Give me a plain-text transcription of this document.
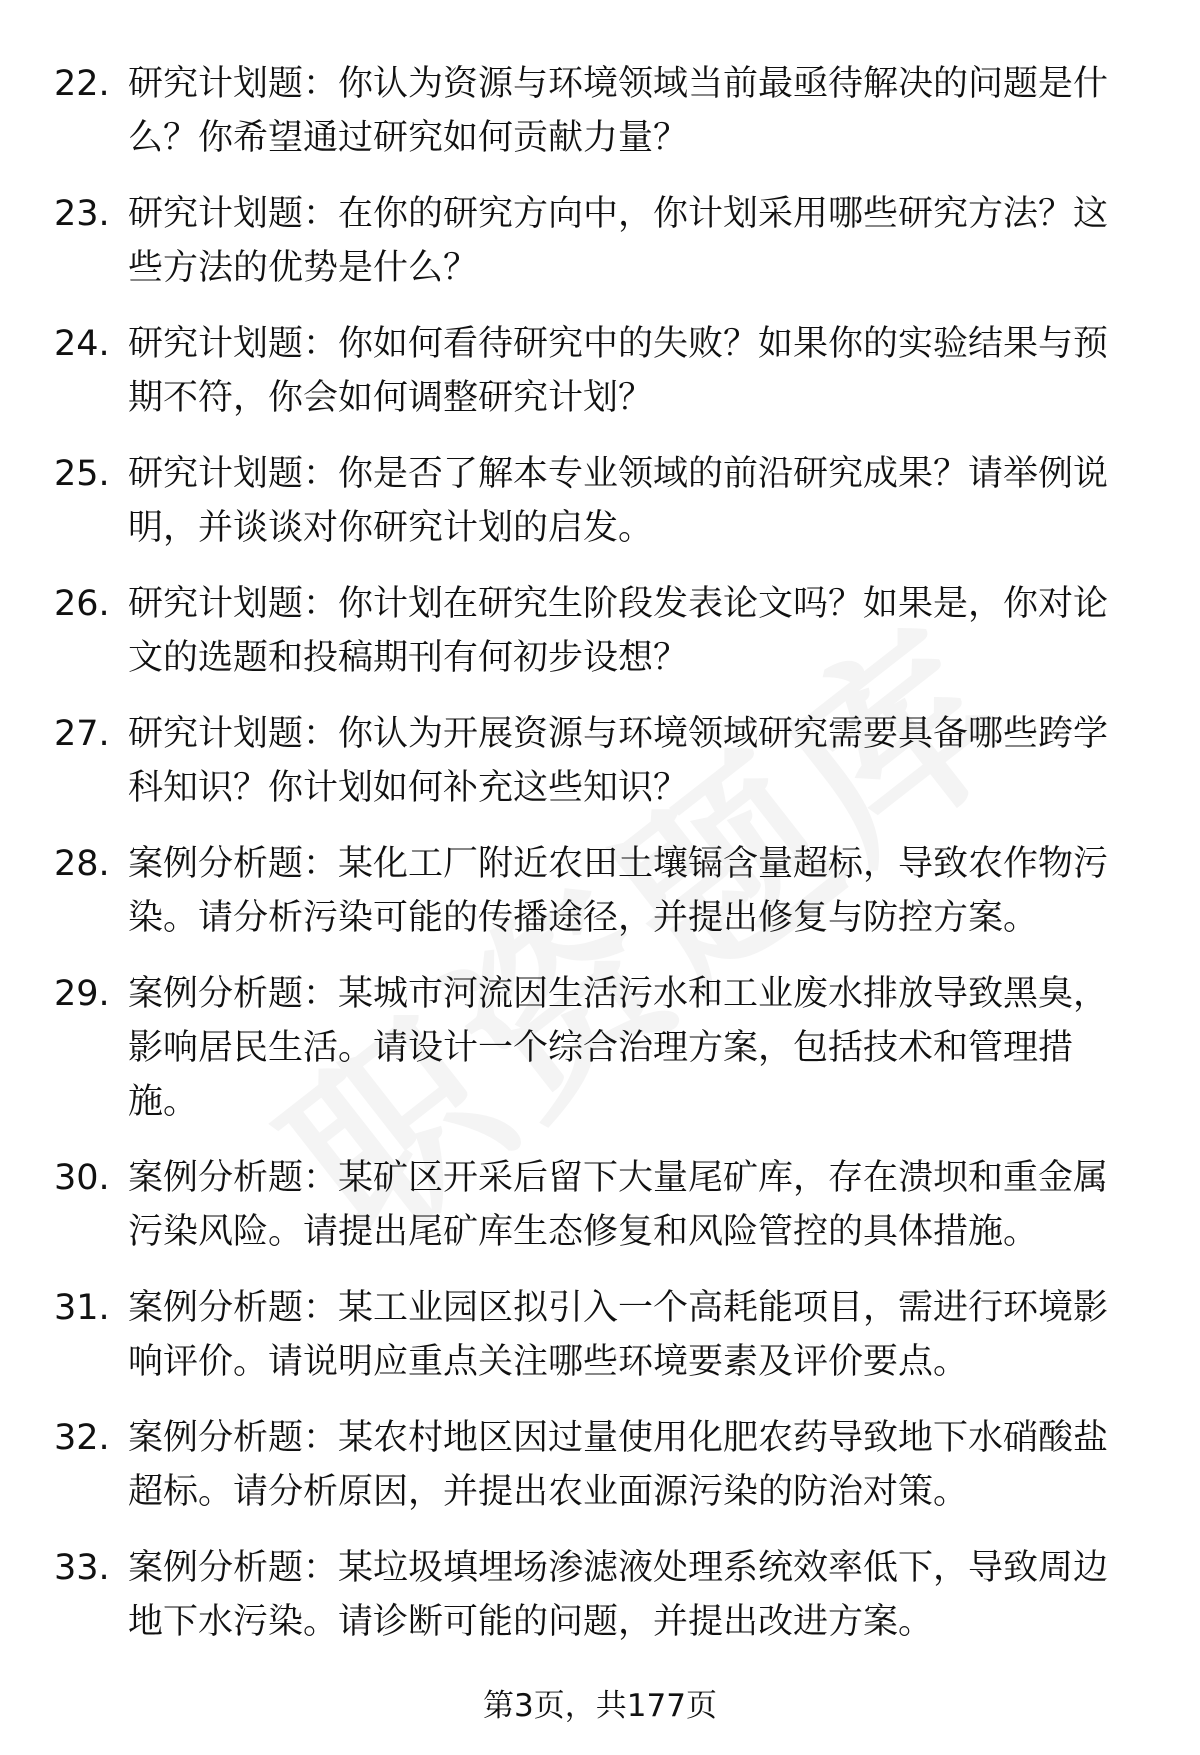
22. 研究计划题：你认为资源与环境领域当前最亟待解决的问题是什么？你希望通过研究如何贡献力量？
23. 研究计划题：在你的研究方向中，你计划采用哪些研究方法？这些方法的优势是什么？
24. 研究计划题：你如何看待研究中的失败？如果你的实验结果与预期不符，你会如何调整研究计划？
25. 研究计划题：你是否了解本专业领域的前沿研究成果？请举例说明，并谈谈对你研究计划的启发。
26. 研究计划题：你计划在研究生阶段发表论文吗？如果是，你对论文的选题和投稿期刊有何初步设想？
27. 研究计划题：你认为开展资源与环境领域研究需要具备哪些跨学科知识？你计划如何补充这些知识？
28. 案例分析题：某化工厂附近农田土壤镉含量超标，导致农作物污染。请分析污染可能的传播途径，并提出修复与防控方案。
29. 案例分析题：某城市河流因生活污水和工业废水排放导致黑臭，影响居民生活。请设计一个综合治理方案，包括技术和管理措施。
30. 案例分析题：某矿区开采后留下大量尾矿库，存在溃坝和重金属污染风险。请提出尾矿库生态修复和风险管控的具体措施。
31. 案例分析题：某工业园区拟引入一个高耗能项目，需进行环境影响评价。请说明应重点关注哪些环境要素及评价要点。
32. 案例分析题：某农村地区因过量使用化肥农药导致地下水硝酸盐超标。请分析原因，并提出农业面源污染的防治对策。
33. 案例分析题：某垃圾填埋场渗滤液处理系统效率低下，导致周边地下水污染。请诊断可能的问题，并提出改进方案。
第3页，共177页
